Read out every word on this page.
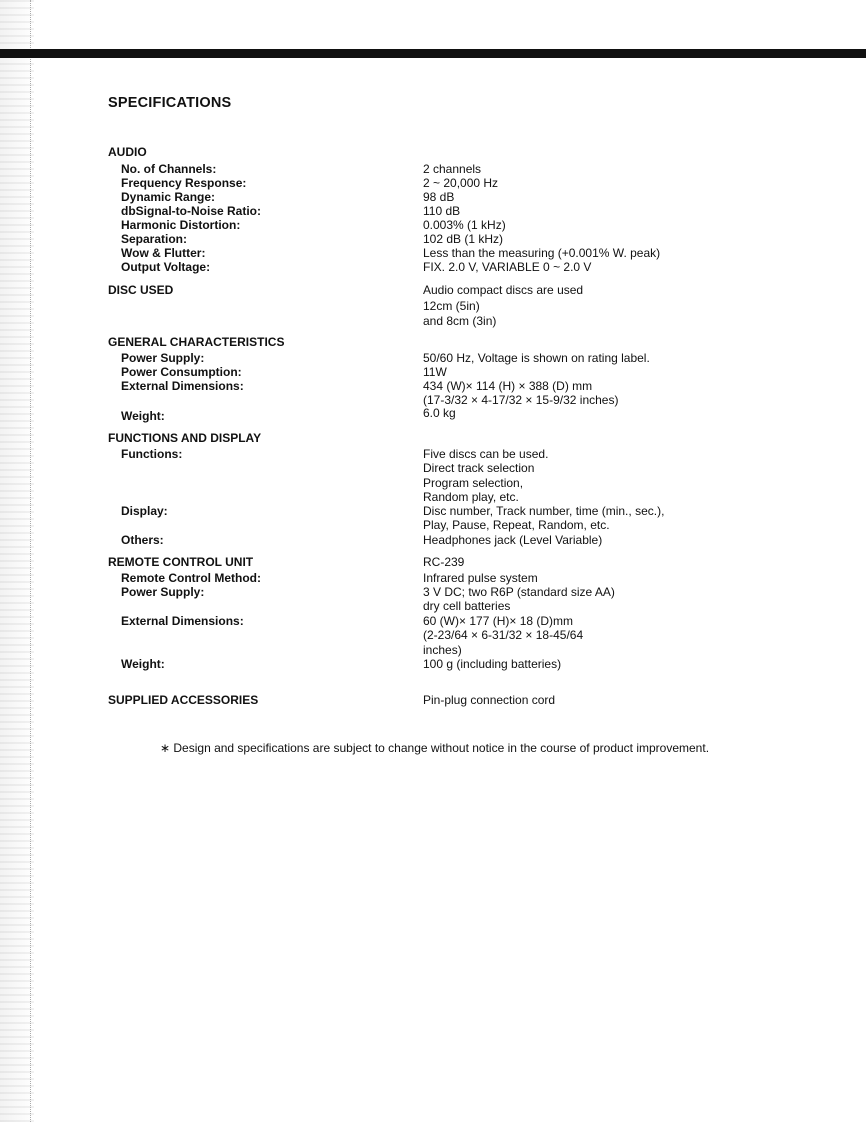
SPECIFICATIONS
AUDIO
No. of Channels:	2 channels
Frequency Response:	2 ~ 20,000 Hz
Dynamic Range:	98 dB
dbSignal-to-Noise Ratio:	110 dB
Harmonic Distortion:	0.003% (1 kHz)
Separation:	102 dB (1 kHz)
Wow & Flutter:	Less than the measuring (+0.001% W. peak)
Output Voltage:	FIX. 2.0 V, VARIABLE 0 ~ 2.0 V
DISC USED	Audio compact discs are used
12cm (5in)
and 8cm (3in)
GENERAL CHARACTERISTICS
Power Supply:	50/60 Hz, Voltage is shown on rating label.
Power Consumption:	11W
External Dimensions:	434 (W)× 114 (H) × 388 (D) mm
(17-3/32 × 4-17/32 × 15-9/32 inches)
Weight:	6.0 kg
FUNCTIONS AND DISPLAY
Functions:	Five discs can be used.
Direct track selection
Program selection,
Random play, etc.
Display:	Disc number, Track number, time (min., sec.),
Play, Pause, Repeat, Random, etc.
Others:	Headphones jack (Level Variable)
REMOTE CONTROL UNIT	RC-239
Remote Control Method:	Infrared pulse system
Power Supply:	3 V DC; two R6P (standard size AA)
dry cell batteries
External Dimensions:	60 (W)× 177 (H)× 18 (D)mm
(2-23/64 × 6-31/32 × 18-45/64
inches)
Weight:	100 g (including batteries)
SUPPLIED ACCESSORIES	Pin-plug connection cord

∗ Design and specifications are subject to change without notice in the course of product improvement.
